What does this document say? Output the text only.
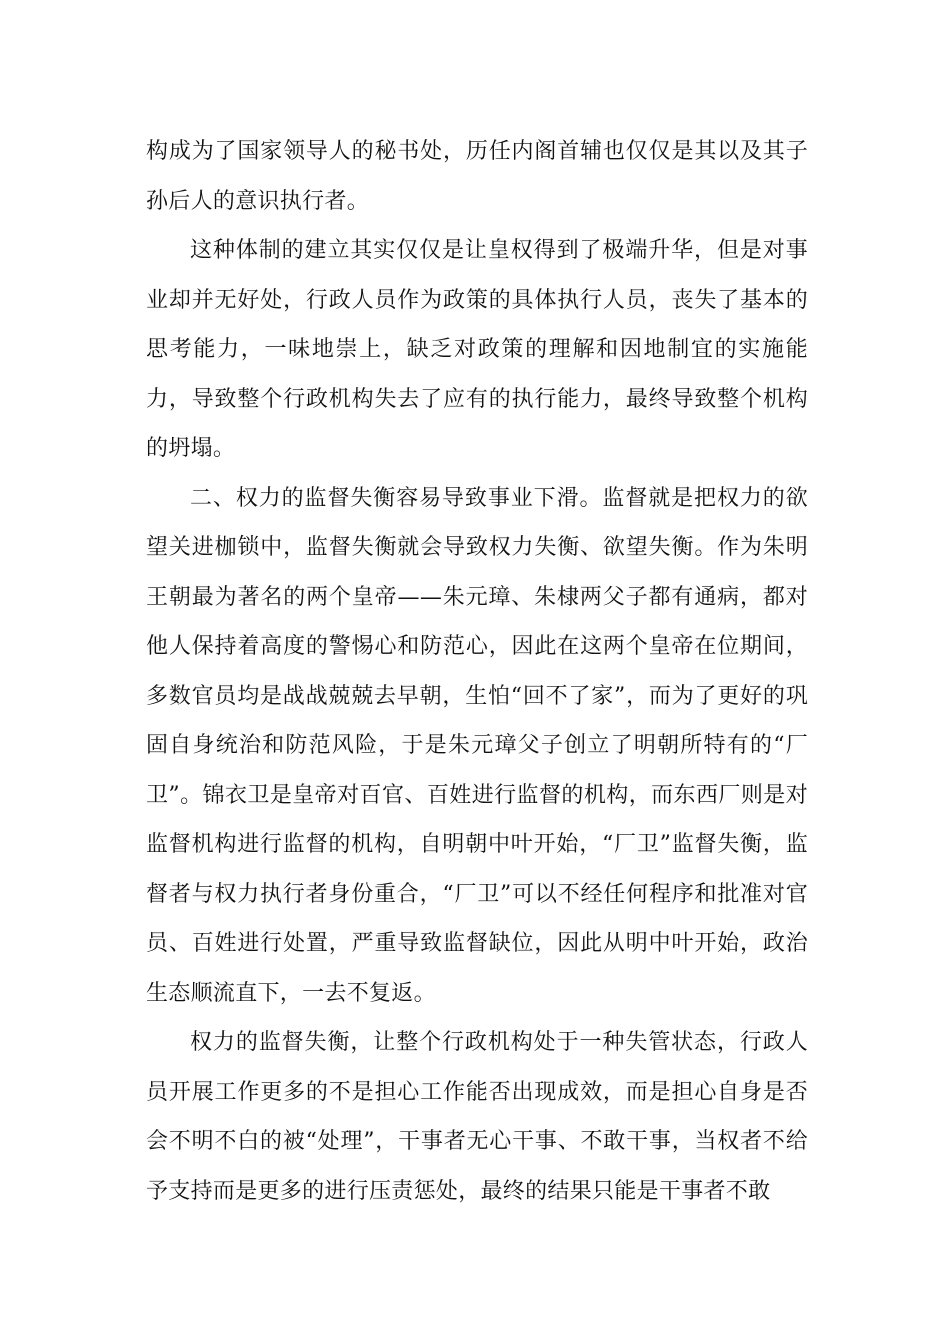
构成为了国家领导人的秘书处，历任内阁首辅也仅仅是其以及其子孙后人的意识执行者。

这种体制的建立其实仅仅是让皇权得到了极端升华，但是对事业却并无好处，行政人员作为政策的具体执行人员，丧失了基本的思考能力，一味地崇上，缺乏对政策的理解和因地制宜的实施能力，导致整个行政机构失去了应有的执行能力，最终导致整个机构的坍塌。

二、权力的监督失衡容易导致事业下滑。监督就是把权力的欲望关进枷锁中，监督失衡就会导致权力失衡、欲望失衡。作为朱明王朝最为著名的两个皇帝——朱元璋、朱棣两父子都有通病，都对他人保持着高度的警惕心和防范心，因此在这两个皇帝在位期间，多数官员均是战战兢兢去早朝，生怕“回不了家”，而为了更好的巩固自身统治和防范风险，于是朱元璋父子创立了明朝所特有的“厂卫”。锦衣卫是皇帝对百官、百姓进行监督的机构，而东西厂则是对监督机构进行监督的机构，自明朝中叶开始，“厂卫”监督失衡，监督者与权力执行者身份重合，“厂卫”可以不经任何程序和批准对官员、百姓进行处置，严重导致监督缺位，因此从明中叶开始，政治生态顺流直下，一去不复返。

权力的监督失衡，让整个行政机构处于一种失管状态，行政人员开展工作更多的不是担心工作能否出现成效，而是担心自身是否会不明不白的被“处理”，干事者无心干事、不敢干事，当权者不给予支持而是更多的进行压责惩处，最终的结果只能是干事者不敢
